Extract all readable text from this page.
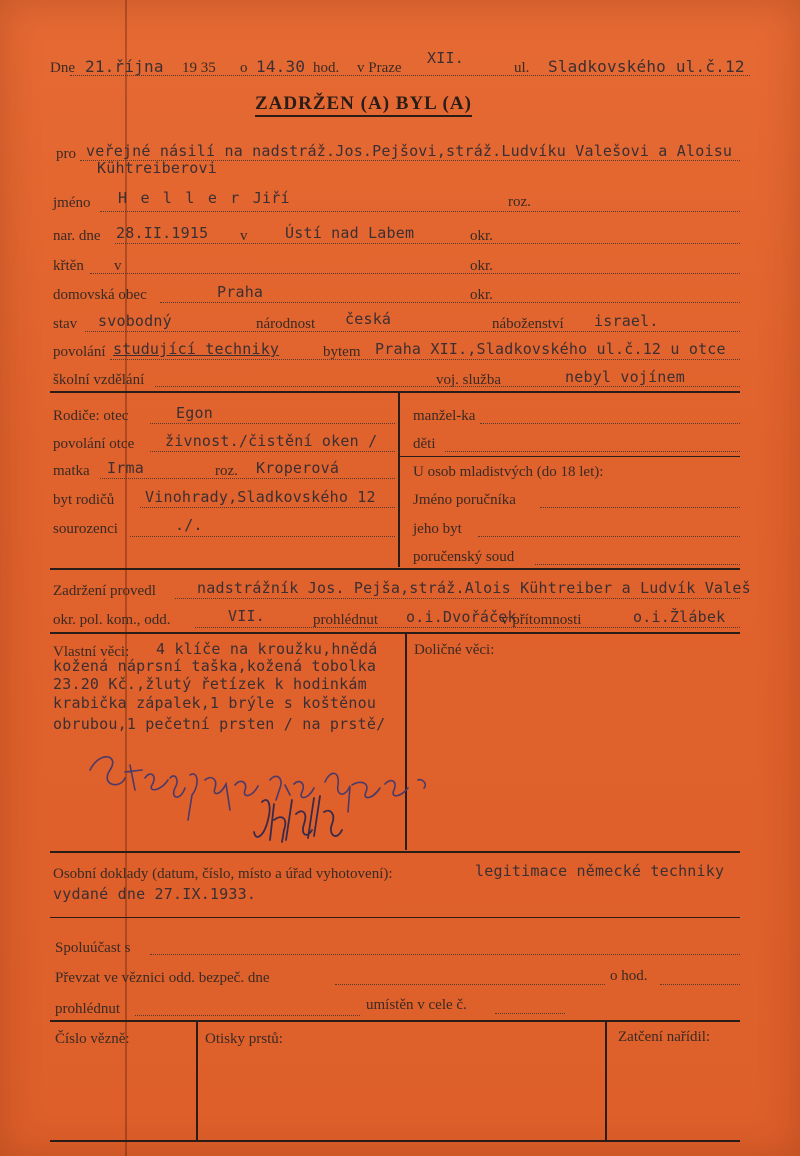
Dne 21.října 19 35 o 14.30 hod. v Praze
XII.
ul. Sladkovského ul.č.12
ZADRŽEN (A) BYL (A)
pro veřejné násilí na nadstráž.Jos.Pejšovi,stráž.Ludvíku Valešovi a Aloisu
Kühtreiberovi
jméno H e l l e r Jiří	roz.
nar. dne 28.II.1915 v	Ústí nad Labem	okr.
křtěn v	okr.
domovská obec	Praha	okr.
stav svobodný	národnost česká	náboženství israel.
povolání studující techniky	bytem Praha XII.,Sladkovského ul.č.12 u otce
školní vzdělání	voj. služba	nebyl vojínem
Rodiče: otec	Egon
povolání otce živnost./čistění oken /
matka Irma	roz. Kroperová
byt rodičů Vinohrady,Sladkovského 12
sourozenci	./.
manžel-ka
děti
U osob mladistvých (do 18 let):
Jméno poručníka
jeho byt
poručenský soud
Zadržení provedl	nadstrážník Jos. Pejša,stráž.Alois Kühtreiber a Ludvík Valeš
okr. pol. kom., odd.	VII.	prohlédnut o.i.Dvořáček
v přítomnosti	o.i.Žlábek
Vlastní věci: 4 klíče na kroužku,hnědá
kožená náprsní taška,kožená tobolka
23.20 Kč.,žlutý řetízek k hodinkám
krabička zápalek,1 brýle s koštěnou
obrubou,1 pečetní prsten / na prstě/
Doličné věci:
Osobní doklady (datum, číslo, místo a úřad vyhotovení):	legitimace německé techniky
vydané dne 27.IX.1933.
Spoluúčast s
Převzat ve věznici odd. bezpeč. dne	o hod.
prohlédnut	umístěn v cele č.
Číslo vězně:	Otisky prstů:	Zatčení nařídil:
